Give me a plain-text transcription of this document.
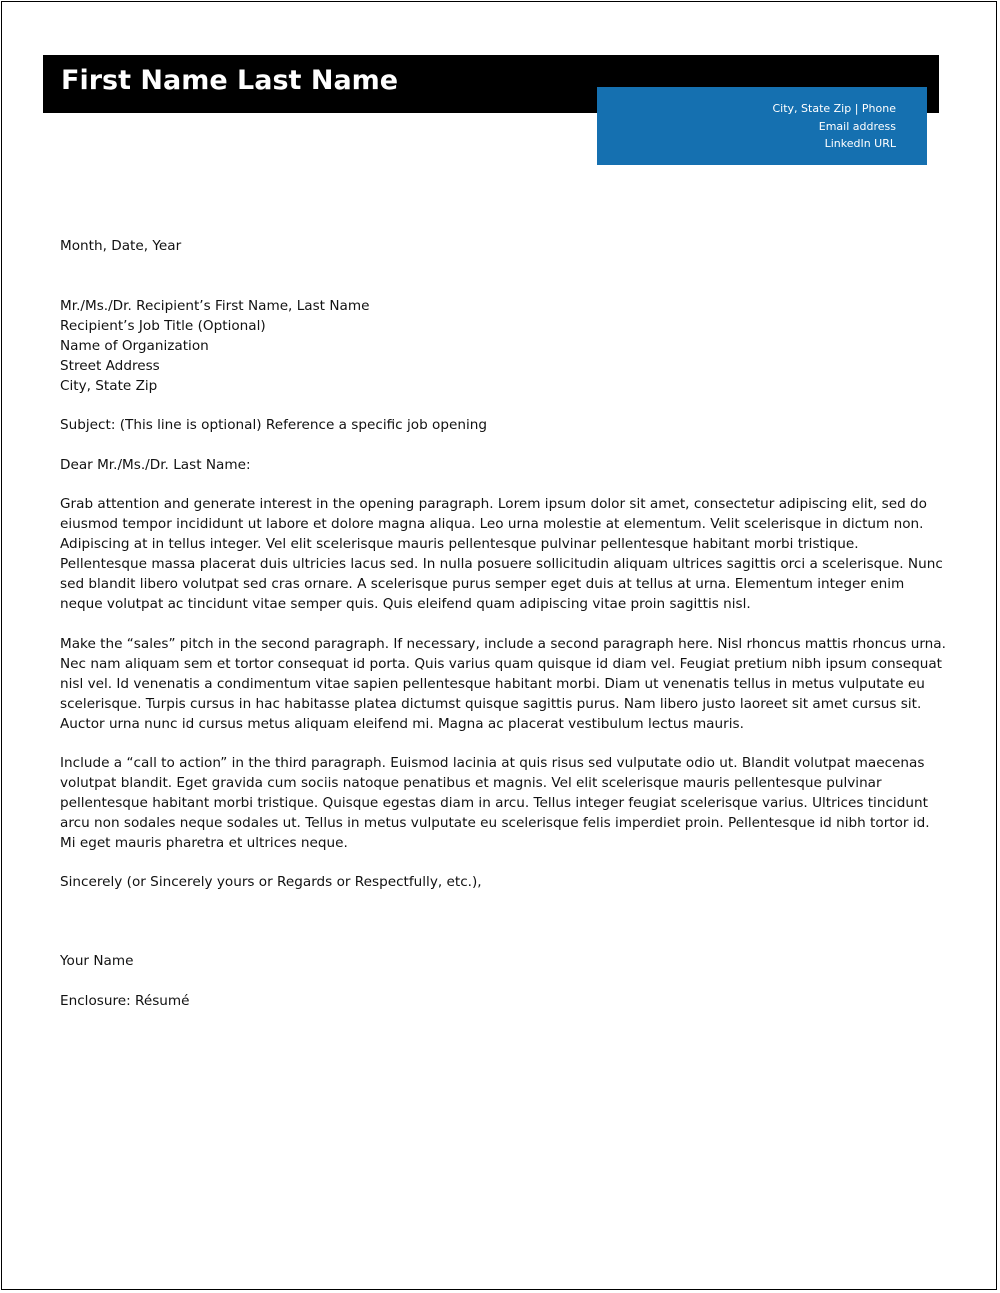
First Name Last Name
City, State Zip | Phone
Email address
LinkedIn URL
Month, Date, Year
Mr./Ms./Dr. Recipient’s First Name, Last Name
Recipient’s Job Title (Optional)
Name of Organization
Street Address
City, State Zip
Subject: (This line is optional) Reference a specific job opening
Dear Mr./Ms./Dr. Last Name:

Grab attention and generate interest in the opening paragraph. Lorem ipsum dolor sit amet, consectetur adipiscing elit, sed do eiusmod tempor incididunt ut labore et dolore magna aliqua. Leo urna molestie at elementum. Velit scelerisque in dictum non. Adipiscing at in tellus integer. Vel elit scelerisque mauris pellentesque pulvinar pellentesque habitant morbi tristique. Pellentesque massa placerat duis ultricies lacus sed. In nulla posuere sollicitudin aliquam ultrices sagittis orci a scelerisque. Nunc sed blandit libero volutpat sed cras ornare. A scelerisque purus semper eget duis at tellus at urna. Elementum integer enim neque volutpat ac tincidunt vitae semper quis. Quis eleifend quam adipiscing vitae proin sagittis nisl.

Make the “sales” pitch in the second paragraph. If necessary, include a second paragraph here. Nisl rhoncus mattis rhoncus urna. Nec nam aliquam sem et tortor consequat id porta. Quis varius quam quisque id diam vel. Feugiat pretium nibh ipsum consequat nisl vel. Id venenatis a condimentum vitae sapien pellentesque habitant morbi. Diam ut venenatis tellus in metus vulputate eu scelerisque. Turpis cursus in hac habitasse platea dictumst quisque sagittis purus. Nam libero justo laoreet sit amet cursus sit. Auctor urna nunc id cursus metus aliquam eleifend mi. Magna ac placerat vestibulum lectus mauris.

Include a “call to action” in the third paragraph. Euismod lacinia at quis risus sed vulputate odio ut. Blandit volutpat maecenas volutpat blandit. Eget gravida cum sociis natoque penatibus et magnis. Vel elit scelerisque mauris pellentesque pulvinar pellentesque habitant morbi tristique. Quisque egestas diam in arcu. Tellus integer feugiat scelerisque varius. Ultrices tincidunt arcu non sodales neque sodales ut. Tellus in metus vulputate eu scelerisque felis imperdiet proin. Pellentesque id nibh tortor id. Mi eget mauris pharetra et ultrices neque.

Sincerely (or Sincerely yours or Regards or Respectfully, etc.),
Your Name
Enclosure: Résumé
